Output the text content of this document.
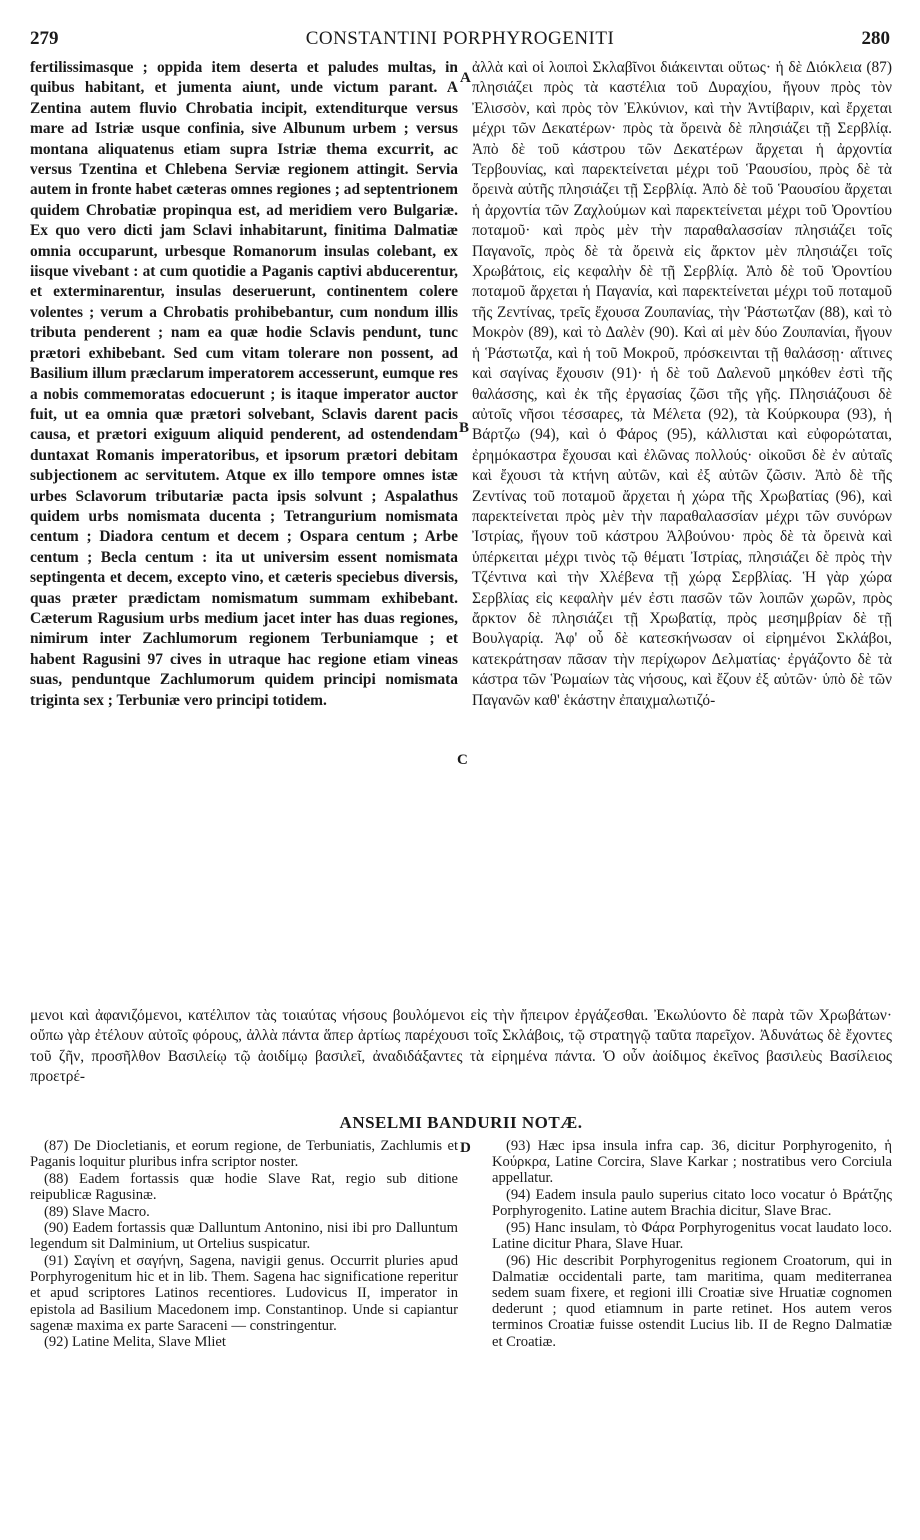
279	CONSTANTINI PORPHYROGENITI	280

fertilissimasque ; oppida item deserta et paludes multas, in quibus habitant, et jumenta aiunt, unde victum parant. A Zentina autem fluvio Chrobatia incipit, extenditurque versus mare ad Istriæ usque confinia, sive Albunum urbem ; versus montana aliquatenus etiam supra Istriæ thema excurrit, ac versus Tzentina et Chlebena Serviæ regionem attingit. Servia autem in fronte habet cæteras omnes regiones ; ad septentrionem quidem Chrobatiæ propinqua est, ad meridiem vero Bulgariæ. Ex quo vero dicti jam Sclavi inhabitarunt, finitima Dalmatiæ omnia occuparunt, urbesque Romanorum insulas colebant, ex iisque vivebant : at cum quotidie a Paganis captivi abducerentur, et exterminarentur, insulas deseruerunt, continentem colere volentes ; verum a Chrobatis prohibebantur, cum nondum illis tributa penderent ; nam ea quæ hodie Sclavis pendunt, tunc prætori exhibebant. Sed cum vitam tolerare non possent, ad Basilium illum præclarum imperatorem accesserunt, eumque res a nobis commemoratas edocuerunt ; is itaque imperator auctor fuit, ut ea omnia quæ prætori solvebant, Sclavis darent pacis causa, et prætori exiguum aliquid penderent, ad ostendendam duntaxat Romanis imperatoribus, et ipsorum prætori debitam subjectionem ac servitutem. Atque ex illo tempore omnes istæ urbes Sclavorum tributariæ pacta ipsis solvunt ; Aspalathus quidem urbs nomismata ducenta ; Tetrangurium nomismata centum ; Diadora centum et decem ; Ospara centum ; Arbe centum ; Becla centum : ita ut universim essent nomismata septingenta et decem, excepto vino, et cæteris speciebus diversis, quas præter prædictam nomismatum summam exhibebant. Cæterum Ragusium urbs medium jacet inter has duas regiones, nimirum inter Zachlumorum regionem Terbuniamque ; et habent Ragusini 97 cives in utraque hac regione etiam vineas suas, penduntque Zachlumorum quidem principi nomismata triginta sex ; Terbuniæ vero principi totidem.

A
B
C
D

ἀλλὰ καὶ οἱ λοιποὶ Σκλαβῖνοι διάκεινται οὕτως· ἡ δὲ Διόκλεια (87) πλησιάζει πρὸς τὰ καστέλια τοῦ Δυραχίου, ἤγουν πρὸς τὸν Ἐλισσὸν, καὶ πρὸς τὸν Ἐλκύνιον, καὶ τὴν Ἀντίβαριν, καὶ ἔρχεται μέχρι τῶν Δεκατέρων· πρὸς τὰ ὄρεινὰ δὲ πλησιάζει τῇ Σερβλίᾳ. Ἀπὸ δὲ τοῦ κάστρου τῶν Δεκατέρων ἄρχεται ἡ ἀρχοντία Τερβουνίας, καὶ παρεκτείνεται μέχρι τοῦ Ῥαουσίου, πρὸς δὲ τὰ ὄρεινὰ αὐτῆς πλησιάζει τῇ Σερβλίᾳ. Ἀπὸ δὲ τοῦ Ῥαουσίου ἄρχεται ἡ ἀρχοντία τῶν Ζαχλούμων καὶ παρεκτείνεται μέχρι τοῦ Ὀροντίου ποταμοῦ· καὶ πρὸς μὲν τὴν παραθαλασσίαν πλησιάζει τοῖς Παγανοῖς, πρὸς δὲ τὰ ὄρεινὰ εἰς ἄρκτον μὲν πλησιάζει τοῖς Χρωβάτοις, εἰς κεφαλὴν δὲ τῇ Σερβλίᾳ. Ἀπὸ δὲ τοῦ Ὀροντίου ποταμοῦ ἄρχεται ἡ Παγανία, καὶ παρεκτείνεται μέχρι τοῦ ποταμοῦ τῆς Ζεντίνας, τρεῖς ἔχουσα Ζουπανίας, τὴν Ῥάστωτζαν (88), καὶ τὸ Μοκρὸν (89), καὶ τὸ Δαλὲν (90). Καὶ αἱ μὲν δύο Ζουπανίαι, ἤγουν ἡ Ῥάστωτζα, καὶ ἡ τοῦ Μοκροῦ, πρόσκεινται τῇ θαλάσσῃ· αἵτινες καὶ σαγίνας ἔχουσιν (91)· ἡ δὲ τοῦ Δαλενοῦ μηκόθεν ἐστὶ τῆς θαλάσσης, καὶ ἐκ τῆς ἐργασίας ζῶσι τῆς γῆς. Πλησιάζουσι δὲ αὐτοῖς νῆσοι τέσσαρες, τὰ Μέλετα (92), τὰ Κούρκουρα (93), ἡ Βάρτζω (94), καὶ ὁ Φάρος (95), κάλλισται καὶ εὐφορώταται, ἐρημόκαστρα ἔχουσαι καὶ ἐλῶνας πολλούς· οἰκοῦσι δὲ ἐν αὐταῖς καὶ ἔχουσι τὰ κτήνη αὐτῶν, καὶ ἐξ αὐτῶν ζῶσιν. Ἀπὸ δὲ τῆς Ζεντίνας τοῦ ποταμοῦ ἄρχεται ἡ χώρα τῆς Χρωβατίας (96), καὶ παρεκτείνεται πρὸς μὲν τὴν παραθαλασσίαν μέχρι τῶν συνόρων Ἰστρίας, ἤγουν τοῦ κάστρου Ἀλβούνου· πρὸς δὲ τὰ ὄρεινὰ καὶ ὑπέρκειται μέχρι τινὸς τῷ θέματι Ἰστρίας, πλησιάζει δὲ πρὸς τὴν Τζέντινα καὶ τὴν Χλέβενα τῇ χώρᾳ Σερβλίας. Ἡ γὰρ χώρα Σερβλίας εἰς κεφαλὴν μέν ἐστι πασῶν τῶν λοιπῶν χωρῶν, πρὸς ἄρκτον δὲ πλησιάζει τῇ Χρωβατίᾳ, πρὸς μεσημβρίαν δὲ τῇ Βουλγαρίᾳ. Ἀφ' οὗ δὲ κατεσκήνωσαν οἱ εἰρημένοι Σκλάβοι, κατεκράτησαν πᾶσαν τὴν περίχωρον Δελματίας· ἐργάζοντο δὲ τὰ κάστρα τῶν Ῥωμαίων τὰς νήσους, καὶ ἔζουν ἐξ αὐτῶν· ὑπὸ δὲ τῶν Παγανῶν καθ' ἑκάστην ἐπαιχμαλωτιζό-

μενοι καὶ ἀφανιζόμενοι, κατέλιπον τὰς τοιαύτας νήσους βουλόμενοι εἰς τὴν ἤπειρον ἐργάζεσθαι. Ἐκωλύοντο δὲ παρὰ τῶν Χρωβάτων· οὔπω γὰρ ἐτέλουν αὐτοῖς φόρους, ἀλλὰ πάντα ἅπερ ἀρτίως παρέχουσι τοῖς Σκλάβοις, τῷ στρατηγῷ ταῦτα παρεῖχον. Ἀδυνάτως δὲ ἔχοντες τοῦ ζῆν, προσῆλθον Βασιλείῳ τῷ ἀοιδίμῳ βασιλεῖ, ἀναδιδάξαντες τὰ εἰρημένα πάντα. Ὁ οὖν ἀοίδιμος ἐκεῖνος βασιλεὺς Βασίλειος προετρέ-

ANSELMI BANDURII NOTÆ.

(87) De Diocletianis, et eorum regione, de Terbuniatis, Zachlumis et Paganis loquitur pluribus infra scriptor noster.

(88) Eadem fortassis quæ hodie Slave Rat, regio sub ditione reipublicæ Ragusinæ.

(89) Slave Macro.

(90) Eadem fortassis quæ Dalluntum Antonino, nisi ibi pro Dalluntum legendum sit Dalminium, ut Ortelius suspicatur.

(91) Σαγίνη et σαγήνη, Sagena, navigii genus. Occurrit pluries apud Porphyrogenitum hic et in lib. Them. Sagena hac significatione reperitur et apud scriptores Latinos recentiores. Ludovicus II, imperator in epistola ad Basilium Macedonem imp. Constantinop. Unde si capiantur sagenæ maxima ex parte Saraceni — constringentur.

(92) Latine Melita, Slave Mliet

(93) Hæc ipsa insula infra cap. 36, dicitur Porphyrogenito, ἡ Κούρκρα, Latine Corcira, Slave Karkar ; nostratibus vero Corciula appellatur.

(94) Eadem insula paulo superius citato loco vocatur ὁ Βράτζης Porphyrogenito. Latine autem Brachia dicitur, Slave Brac.

(95) Hanc insulam, τὸ Φάρα Porphyrogenitus vocat laudato loco. Latine dicitur Phara, Slave Huar.

(96) Hic describit Porphyrogenitus regionem Croatorum, qui in Dalmatiæ occidentali parte, tam maritima, quam mediterranea sedem suam fixere, et regioni illi Croatiæ sive Hruatiæ cognomen dederunt ; quod etiamnum in parte retinet. Hos autem veros terminos Croatiæ fuisse ostendit Lucius lib. II de Regno Dalmatiæ et Croatiæ.
